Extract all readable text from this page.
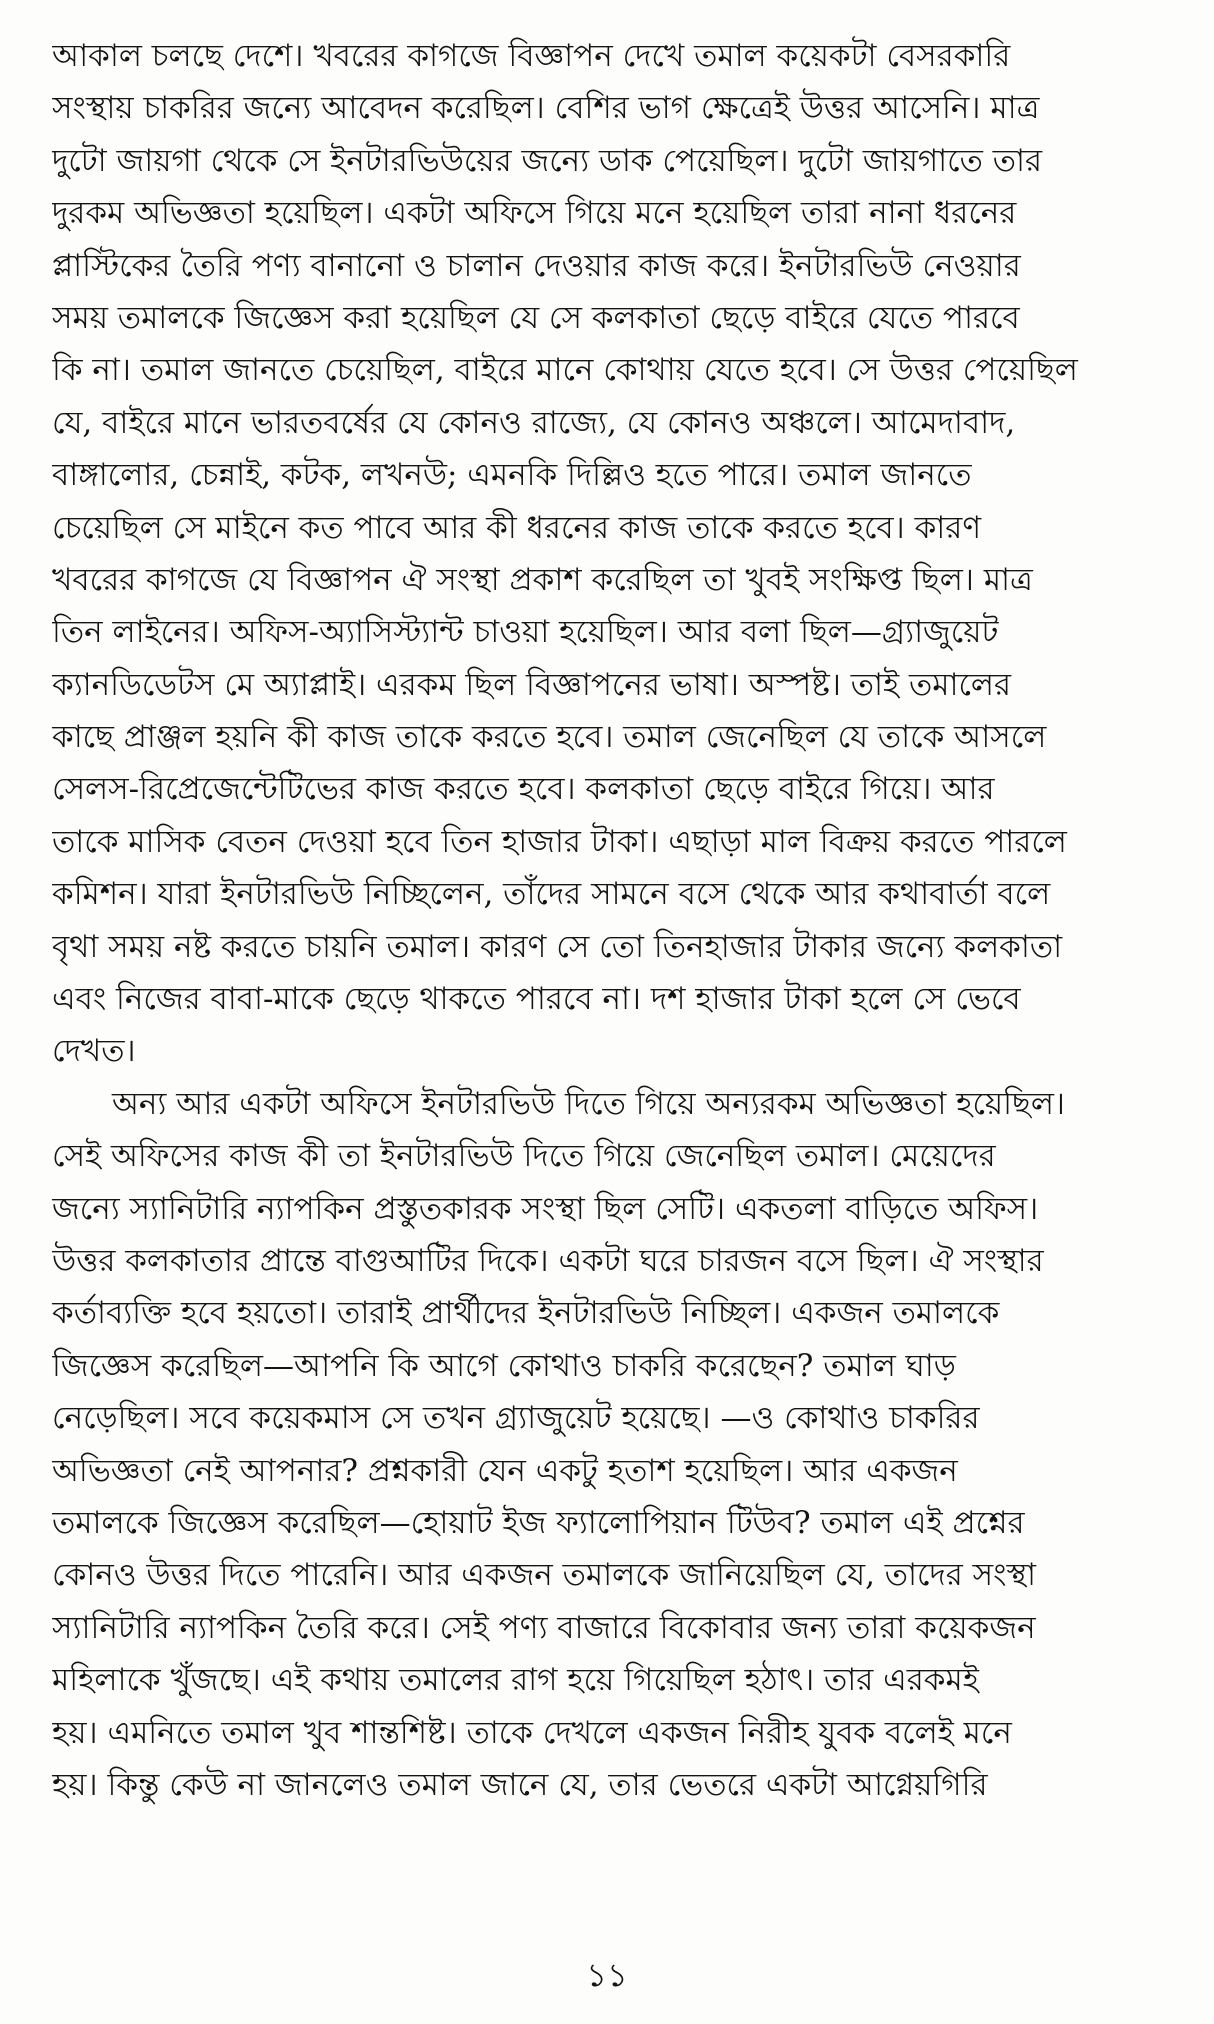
আকাল চলছে দেশে। খবরের কাগজে বিজ্ঞাপন দেখে তমাল কয়েকটা বেসরকারি
সংস্থায় চাকরির জন্যে আবেদন করেছিল। বেশির ভাগ ক্ষেত্রেই উত্তর আসেনি। মাত্র
দুটো জায়গা থেকে সে ইনটারভিউয়ের জন্যে ডাক পেয়েছিল। দুটো জায়গাতে তার
দুরকম অভিজ্ঞতা হয়েছিল। একটা অফিসে গিয়ে মনে হয়েছিল তারা নানা ধরনের
প্লাস্টিকের তৈরি পণ্য বানানো ও চালান দেওয়ার কাজ করে। ইনটারভিউ নেওয়ার
সময় তমালকে জিজ্ঞেস করা হয়েছিল যে সে কলকাতা ছেড়ে বাইরে যেতে পারবে
কি না। তমাল জানতে চেয়েছিল, বাইরে মানে কোথায় যেতে হবে। সে উত্তর পেয়েছিল
যে, বাইরে মানে ভারতবর্ষের যে কোনও রাজ্যে, যে কোনও অঞ্চলে। আমেদাবাদ,
বাঙ্গালোর, চেন্নাই, কটক, লখনউ; এমনকি দিল্লিও হতে পারে। তমাল জানতে
চেয়েছিল সে মাইনে কত পাবে আর কী ধরনের কাজ তাকে করতে হবে। কারণ
খবরের কাগজে যে বিজ্ঞাপন ঐ সংস্থা প্রকাশ করেছিল তা খুবই সংক্ষিপ্ত ছিল। মাত্র
তিন লাইনের। অফিস-অ্যাসিস্ট্যান্ট চাওয়া হয়েছিল। আর বলা ছিল—গ্র্যাজুয়েট
ক্যানডিডেটস মে অ্যাপ্লাই। এরকম ছিল বিজ্ঞাপনের ভাষা। অস্পষ্ট। তাই তমালের
কাছে প্রাঞ্জল হয়নি কী কাজ তাকে করতে হবে। তমাল জেনেছিল যে তাকে আসলে
সেলস-রিপ্রেজেন্টেটিভের কাজ করতে হবে। কলকাতা ছেড়ে বাইরে গিয়ে। আর
তাকে মাসিক বেতন দেওয়া হবে তিন হাজার টাকা। এছাড়া মাল বিক্রয় করতে পারলে
কমিশন। যারা ইনটারভিউ নিচ্ছিলেন, তাঁদের সামনে বসে থেকে আর কথাবার্তা বলে
বৃথা সময় নষ্ট করতে চায়নি তমাল। কারণ সে তো তিনহাজার টাকার জন্যে কলকাতা
এবং নিজের বাবা-মাকে ছেড়ে থাকতে পারবে না। দশ হাজার টাকা হলে সে ভেবে
দেখত।

অন্য আর একটা অফিসে ইনটারভিউ দিতে গিয়ে অন্যরকম অভিজ্ঞতা হয়েছিল।
সেই অফিসের কাজ কী তা ইনটারভিউ দিতে গিয়ে জেনেছিল তমাল। মেয়েদের
জন্যে স্যানিটারি ন্যাপকিন প্রস্তুতকারক সংস্থা ছিল সেটি। একতলা বাড়িতে অফিস।
উত্তর কলকাতার প্রান্তে বাগুআটির দিকে। একটা ঘরে চারজন বসে ছিল। ঐ সংস্থার
কর্তাব্যক্তি হবে হয়তো। তারাই প্রার্থীদের ইনটারভিউ নিচ্ছিল। একজন তমালকে
জিজ্ঞেস করেছিল—আপনি কি আগে কোথাও চাকরি করেছেন? তমাল ঘাড়
নেড়েছিল। সবে কয়েকমাস সে তখন গ্র্যাজুয়েট হয়েছে। —ও কোথাও চাকরির
অভিজ্ঞতা নেই আপনার? প্রশ্নকারী যেন একটু হতাশ হয়েছিল। আর একজন
তমালকে জিজ্ঞেস করেছিল—হোয়াট ইজ ফ্যালোপিয়ান টিউব? তমাল এই প্রশ্নের
কোনও উত্তর দিতে পারেনি। আর একজন তমালকে জানিয়েছিল যে, তাদের সংস্থা
স্যানিটারি ন্যাপকিন তৈরি করে। সেই পণ্য বাজারে বিকোবার জন্য তারা কয়েকজন
মহিলাকে খুঁজছে। এই কথায় তমালের রাগ হয়ে গিয়েছিল হঠাৎ। তার এরকমই
হয়। এমনিতে তমাল খুব শান্তশিষ্ট। তাকে দেখলে একজন নিরীহ যুবক বলেই মনে
হয়। কিন্তু কেউ না জানলেও তমাল জানে যে, তার ভেতরে একটা আগ্নেয়গিরি

১১
